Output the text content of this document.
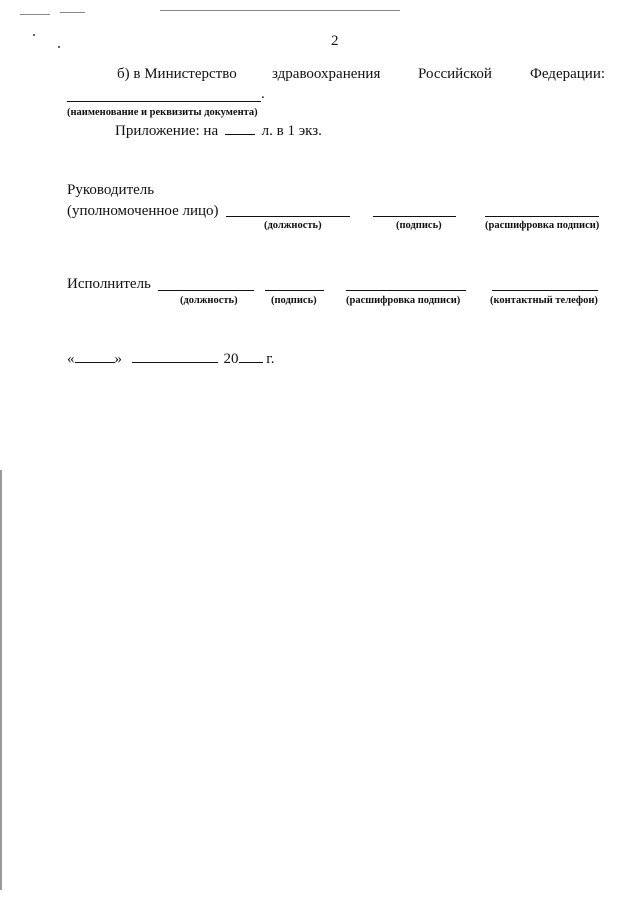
2
б) в Министерство здравоохранения	Российской	Федерации:
.
(наименование и реквизиты документа)
Приложение: на	л. в 1 экз.
Руководитель
(уполномоченное лицо)
(должность)	(подпись)	(расшифровка подписи)
Исполнитель
(должность)	(подпись)	(расшифровка подписи)	(контактный телефон)
«	»	20 г.
